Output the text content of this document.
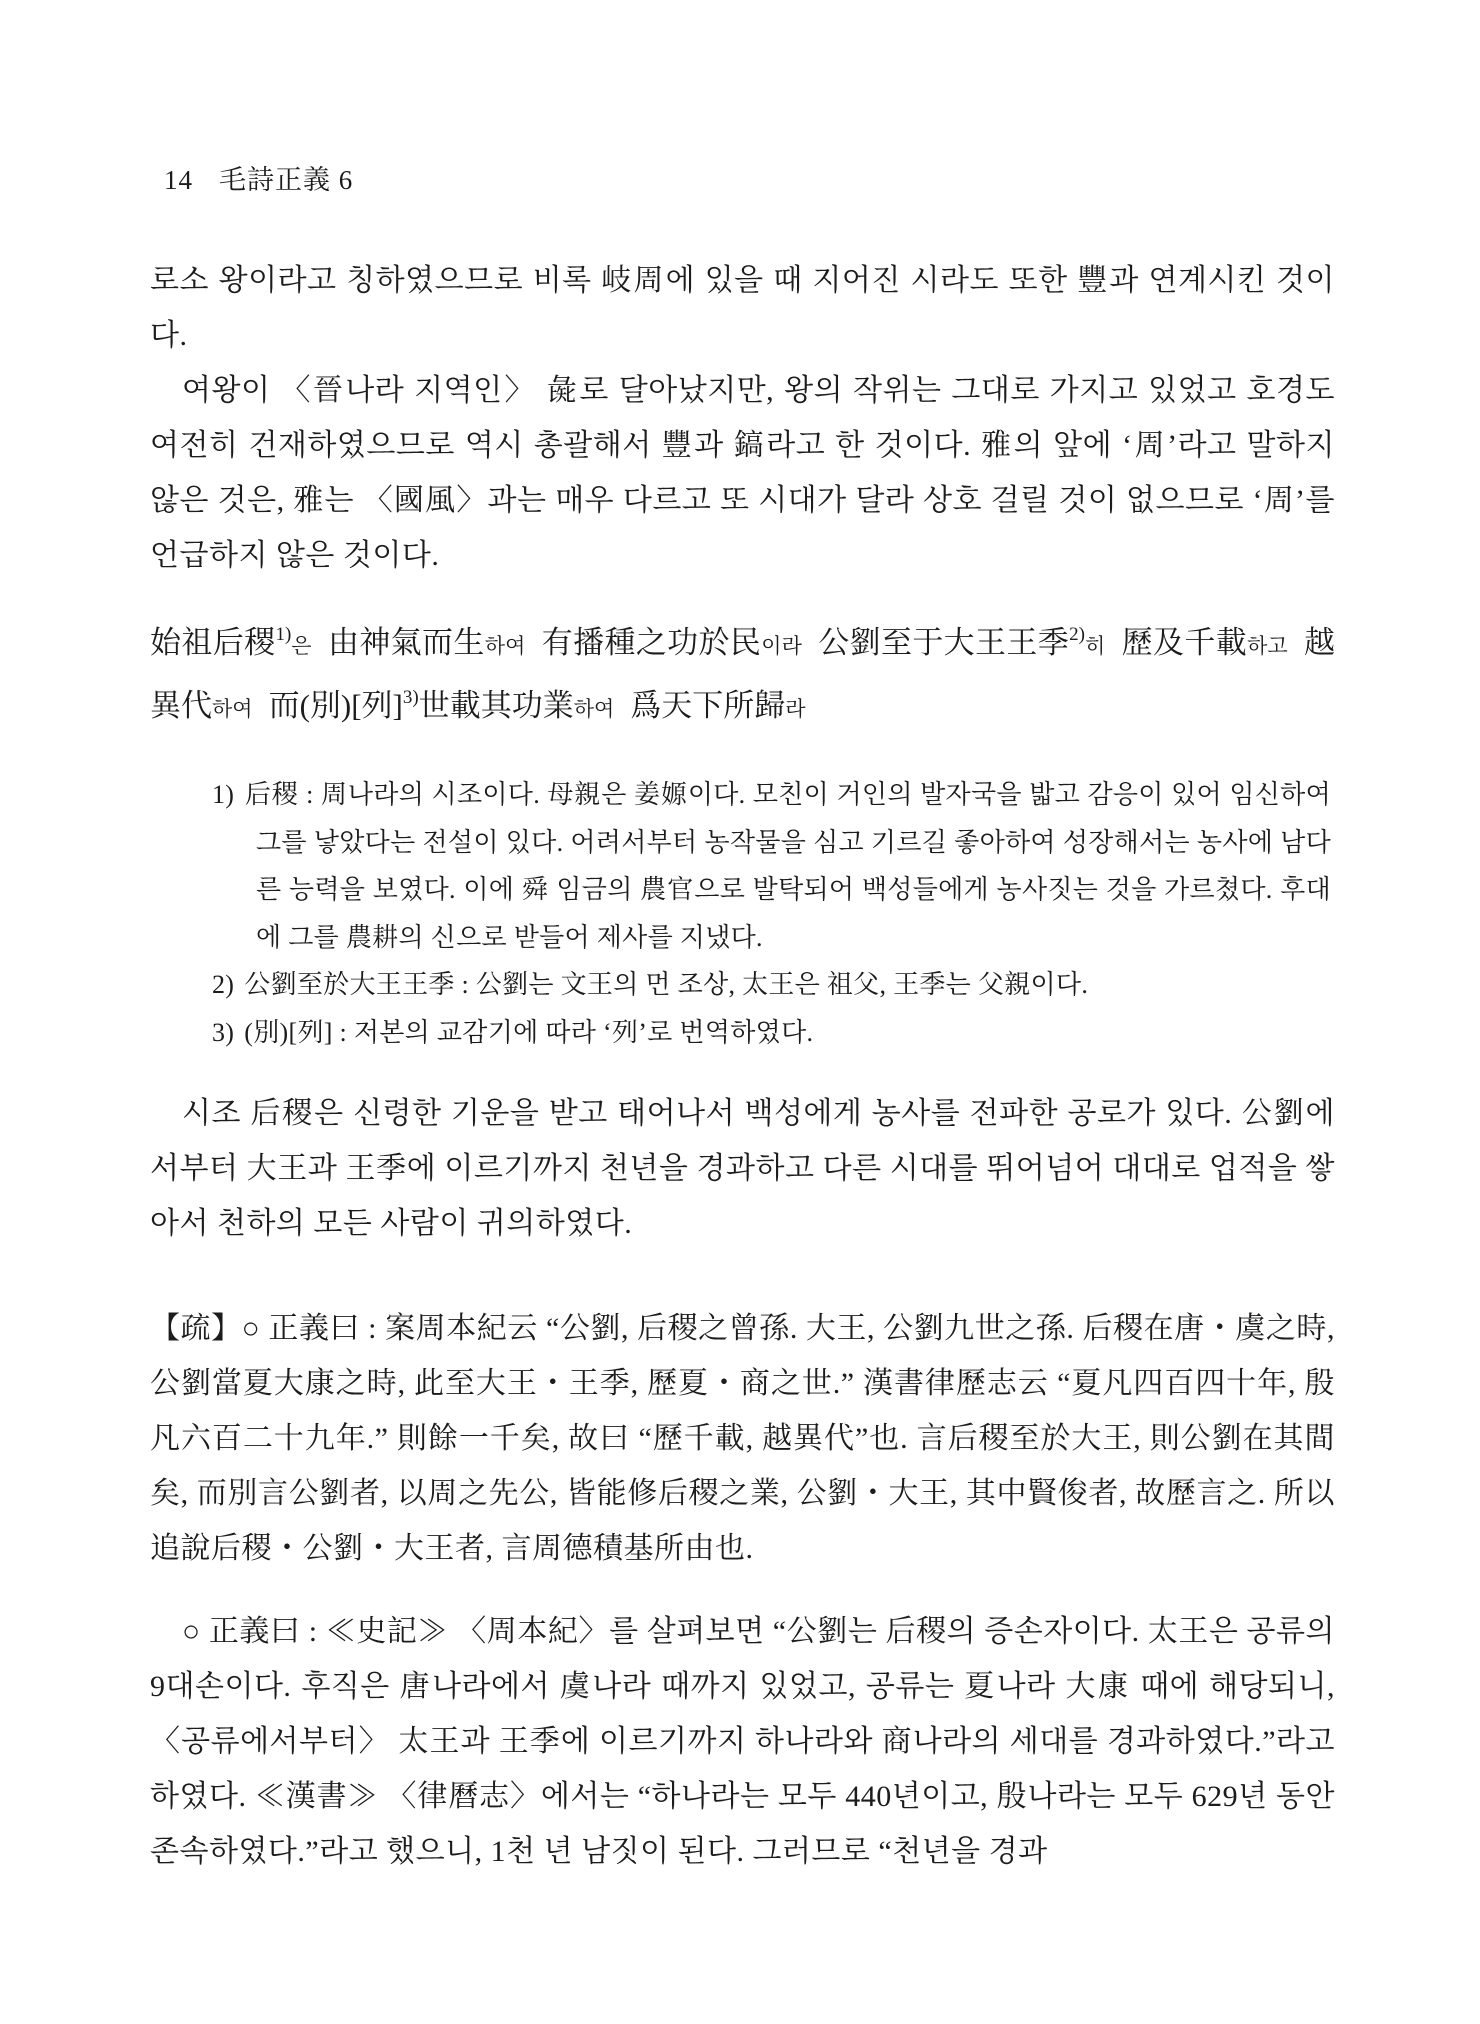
14 毛詩正義 6

로소 왕이라고 칭하였으므로 비록 岐周에 있을 때 지어진 시라도 또한 豐과 연계시킨 것이다.

여왕이 〈晉나라 지역인〉 彘로 달아났지만, 왕의 작위는 그대로 가지고 있었고 호경도 여전히 건재하였으므로 역시 총괄해서 豐과 鎬라고 한 것이다. 雅의 앞에 ‘周’라고 말하지 않은 것은, 雅는 〈國風〉과는 매우 다르고 또 시대가 달라 상호 걸릴 것이 없으므로 ‘周’를 언급하지 않은 것이다.

始祖后稷$^{1)}$은 由神氣而生하여 有播種之功於民이라 公劉至于大王王季$^{2)}$히 歷及千載하고 越異代하여 而(別)[列]$^{3)}$世載其功業하여 爲天下所歸라

1) 后稷 : 周나라의 시조이다. 母親은 姜嫄이다. 모친이 거인의 발자국을 밟고 감응이 있어 임신하여 그를 낳았다는 전설이 있다. 어려서부터 농작물을 심고 기르길 좋아하여 성장해서는 농사에 남다른 능력을 보였다. 이에 舜 임금의 農官으로 발탁되어 백성들에게 농사짓는 것을 가르쳤다. 후대에 그를 農耕의 신으로 받들어 제사를 지냈다.
2) 公劉至於大王王季 : 公劉는 文王의 먼 조상, 太王은 祖父, 王季는 父親이다.
3) (別)[列] : 저본의 교감기에 따라 ‘列’로 번역하였다.

시조 后稷은 신령한 기운을 받고 태어나서 백성에게 농사를 전파한 공로가 있다. 公劉에서부터 大王과 王季에 이르기까지 천년을 경과하고 다른 시대를 뛰어넘어 대대로 업적을 쌓아서 천하의 모든 사람이 귀의하였다.

【疏】○ 正義曰 : 案周本紀云 “公劉, 后稷之曾孫. 大王, 公劉九世之孫. 后稷在唐・虞之時, 公劉當夏大康之時, 此至大王・王季, 歷夏・商之世.” 漢書律歷志云 “夏凡四百四十年, 殷凡六百二十九年.” 則餘一千矣, 故曰 “歷千載, 越異代”也. 言后稷至於大王, 則公劉在其間矣, 而別言公劉者, 以周之先公, 皆能修后稷之業, 公劉・大王, 其中賢俊者, 故歷言之. 所以追說后稷・公劉・大王者, 言周德積基所由也.

○ 正義曰 : ≪史記≫ 〈周本紀〉를 살펴보면 “公劉는 后稷의 증손자이다. 太王은 공류의 9대손이다. 후직은 唐나라에서 虞나라 때까지 있었고, 공류는 夏나라 大康 때에 해당되니, 〈공류에서부터〉 太王과 王季에 이르기까지 하나라와 商나라의 세대를 경과하였다.”라고 하였다. ≪漢書≫ 〈律曆志〉에서는 “하나라는 모두 440년이고, 殷나라는 모두 629년 동안 존속하였다.”라고 했으니, 1천 년 남짓이 된다. 그러므로 “천년을 경과
